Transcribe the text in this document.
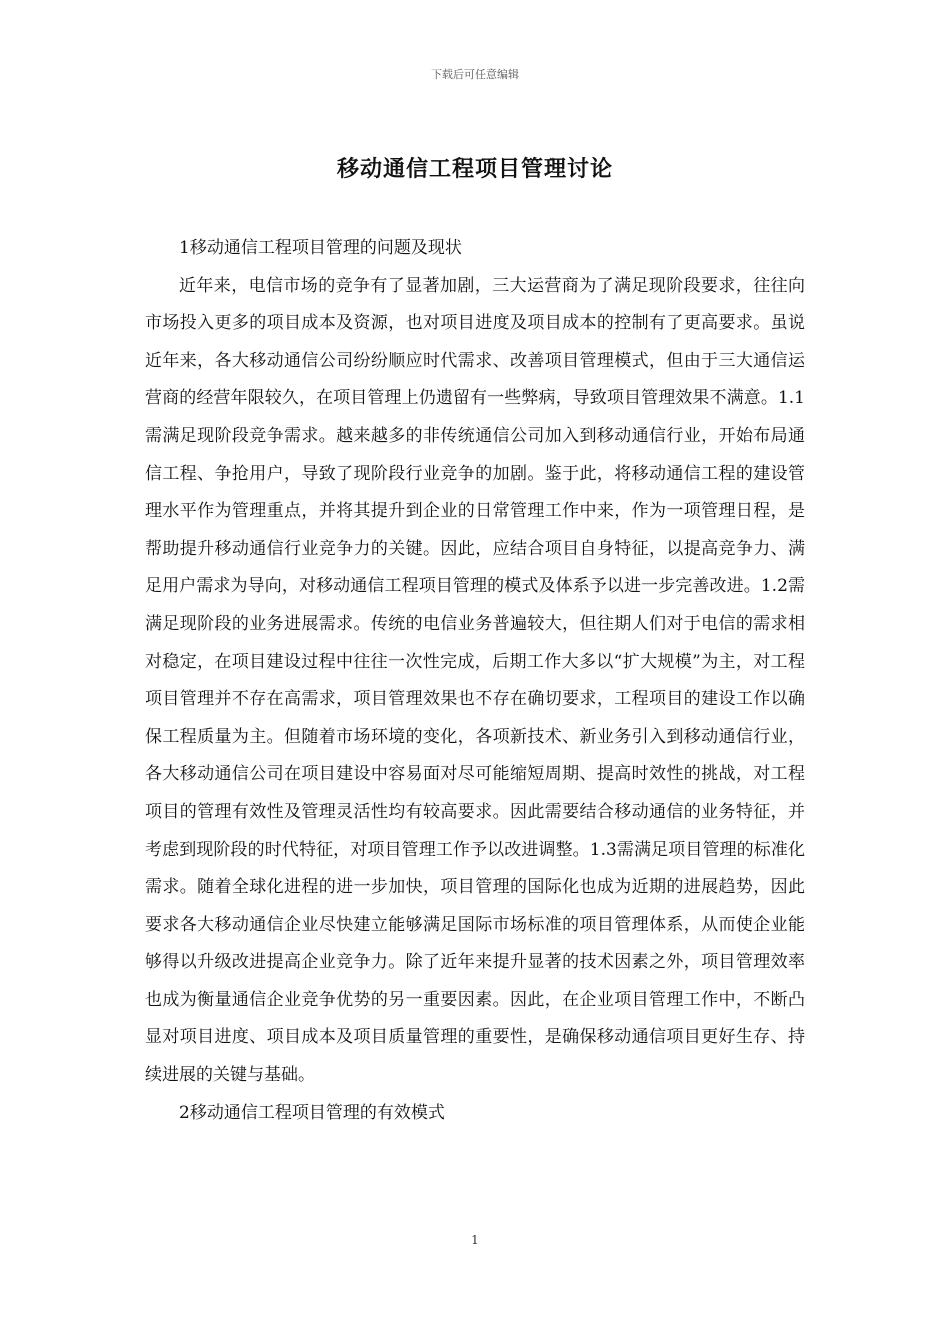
下载后可任意编辑
移动通信工程项目管理讨论

1移动通信工程项目管理的问题及现状

近年来，电信市场的竞争有了显著加剧，三大运营商为了满足现阶段要求，往往向市场投入更多的项目成本及资源，也对项目进度及项目成本的控制有了更高要求。虽说近年来，各大移动通信公司纷纷顺应时代需求、改善项目管理模式，但由于三大通信运营商的经营年限较久，在项目管理上仍遗留有一些弊病，导致项目管理效果不满意。1.1需满足现阶段竞争需求。越来越多的非传统通信公司加入到移动通信行业，开始布局通信工程、争抢用户，导致了现阶段行业竞争的加剧。鉴于此，将移动通信工程的建设管理水平作为管理重点，并将其提升到企业的日常管理工作中来，作为一项管理日程，是帮助提升移动通信行业竞争力的关键。因此，应结合项目自身特征，以提高竞争力、满足用户需求为导向，对移动通信工程项目管理的模式及体系予以进一步完善改进。1.2需满足现阶段的业务进展需求。传统的电信业务普遍较大，但往期人们对于电信的需求相对稳定，在项目建设过程中往往一次性完成，后期工作大多以“扩大规模”为主，对工程项目管理并不存在高需求，项目管理效果也不存在确切要求，工程项目的建设工作以确保工程质量为主。但随着市场环境的变化，各项新技术、新业务引入到移动通信行业，各大移动通信公司在项目建设中容易面对尽可能缩短周期、提高时效性的挑战，对工程项目的管理有效性及管理灵活性均有较高要求。因此需要结合移动通信的业务特征，并考虑到现阶段的时代特征，对项目管理工作予以改进调整。1.3需满足项目管理的标准化需求。随着全球化进程的进一步加快，项目管理的国际化也成为近期的进展趋势，因此要求各大移动通信企业尽快建立能够满足国际市场标准的项目管理体系，从而使企业能够得以升级改进提高企业竞争力。除了近年来提升显著的技术因素之外，项目管理效率也成为衡量通信企业竞争优势的另一重要因素。因此，在企业项目管理工作中，不断凸显对项目进度、项目成本及项目质量管理的重要性，是确保移动通信项目更好生存、持续进展的关键与基础。

2移动通信工程项目管理的有效模式

1
